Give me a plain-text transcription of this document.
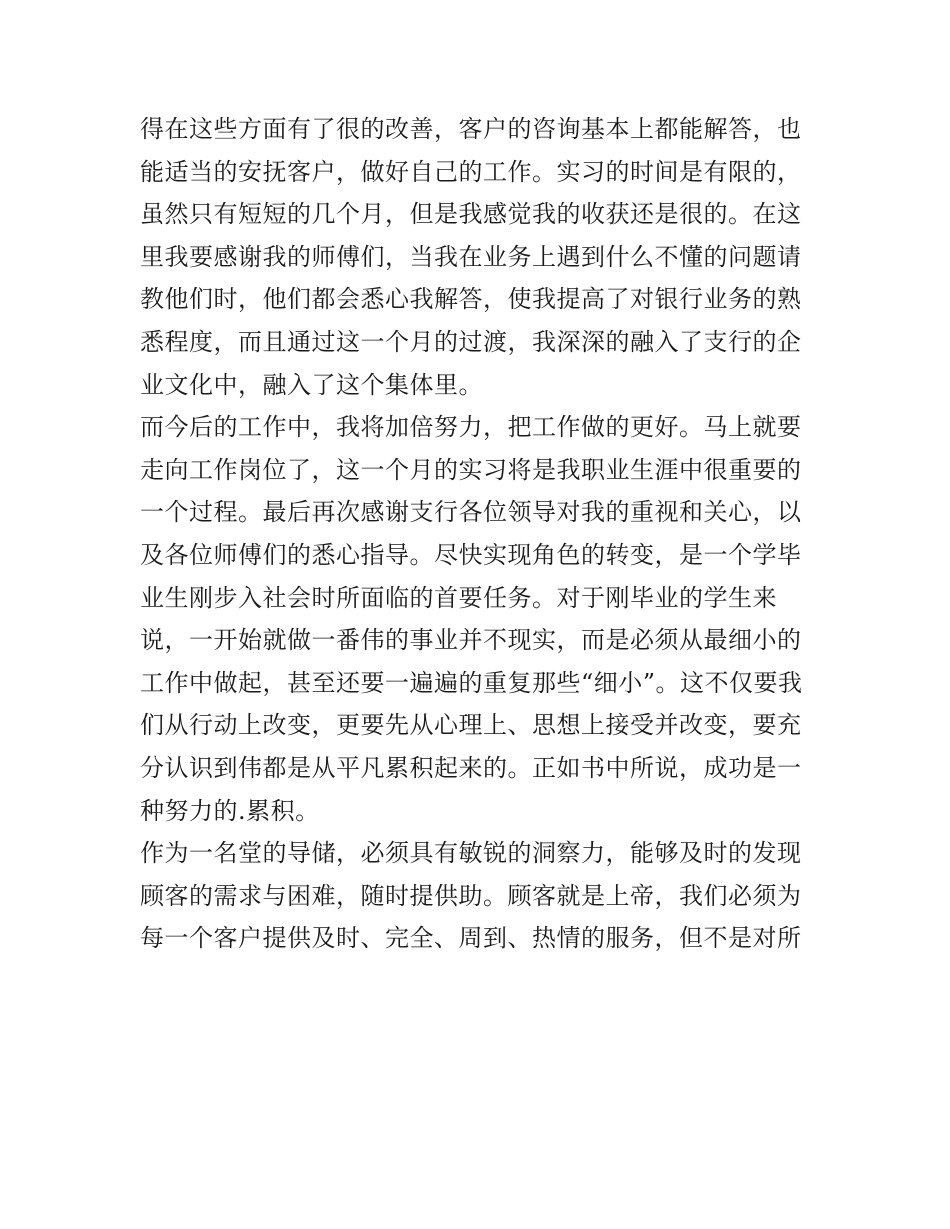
得在这些方面有了很的改善，客户的咨询基本上都能解答，也
能适当的安抚客户，做好自己的工作。实习的时间是有限的，
虽然只有短短的几个月，但是我感觉我的收获还是很的。在这
里我要感谢我的师傅们，当我在业务上遇到什么不懂的问题请
教他们时，他们都会悉心我解答，使我提高了对银行业务的熟
悉程度，而且通过这一个月的过渡，我深深的融入了支行的企
业文化中，融入了这个集体里。
而今后的工作中，我将加倍努力，把工作做的更好。马上就要
走向工作岗位了，这一个月的实习将是我职业生涯中很重要的
一个过程。最后再次感谢支行各位领导对我的重视和关心，以
及各位师傅们的悉心指导。尽快实现角色的转变，是一个学毕
业生刚步入社会时所面临的首要任务。对于刚毕业的学生来
说，一开始就做一番伟的事业并不现实，而是必须从最细小的
工作中做起，甚至还要一遍遍的重复那些“细小”。这不仅要我
们从行动上改变，更要先从心理上、思想上接受并改变，要充
分认识到伟都是从平凡累积起来的。正如书中所说，成功是一
种努力的.累积。
作为一名堂的导储，必须具有敏锐的洞察力，能够及时的发现
顾客的需求与困难，随时提供助。顾客就是上帝，我们必须为
每一个客户提供及时、完全、周到、热情的服务，但不是对所
